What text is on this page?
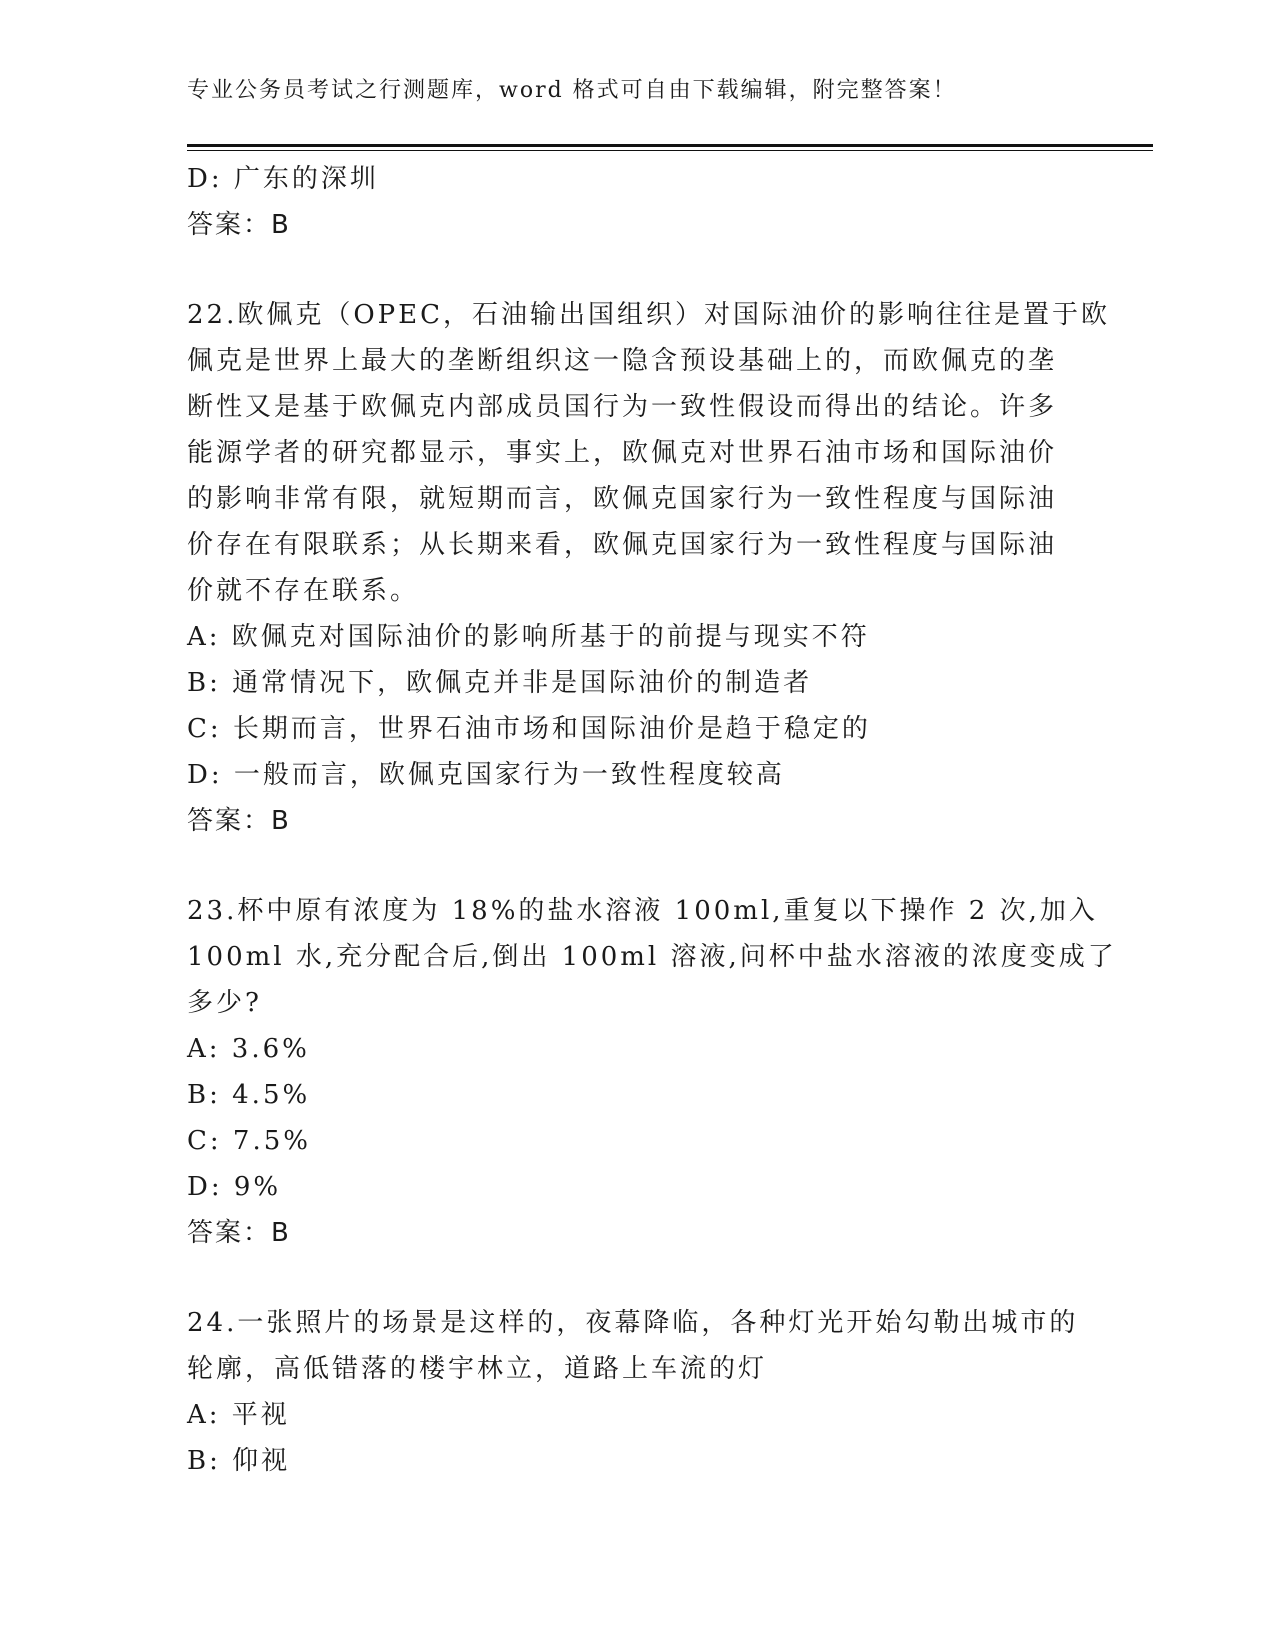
专业公务员考试之行测题库，word 格式可自由下载编辑，附完整答案！
D: 广东的深圳
答案：B
22.欧佩克（OPEC，石油输出国组织）对国际油价的影响往往是置于欧
佩克是世界上最大的垄断组织这一隐含预设基础上的，而欧佩克的垄
断性又是基于欧佩克内部成员国行为一致性假设而得出的结论。许多
能源学者的研究都显示，事实上，欧佩克对世界石油市场和国际油价
的影响非常有限，就短期而言，欧佩克国家行为一致性程度与国际油
价存在有限联系；从长期来看，欧佩克国家行为一致性程度与国际油
价就不存在联系。
A: 欧佩克对国际油价的影响所基于的前提与现实不符
B: 通常情况下，欧佩克并非是国际油价的制造者
C: 长期而言，世界石油市场和国际油价是趋于稳定的
D: 一般而言，欧佩克国家行为一致性程度较高
答案：B
23.杯中原有浓度为 18%的盐水溶液 100ml,重复以下操作 2 次,加入
100ml 水,充分配合后,倒出 100ml 溶液,问杯中盐水溶液的浓度变成了
多少?
A: 3.6%
B: 4.5%
C: 7.5%
D: 9%
答案：B
24.一张照片的场景是这样的，夜幕降临，各种灯光开始勾勒出城市的
轮廓，高低错落的楼宇林立，道路上车流的灯
A: 平视
B: 仰视
